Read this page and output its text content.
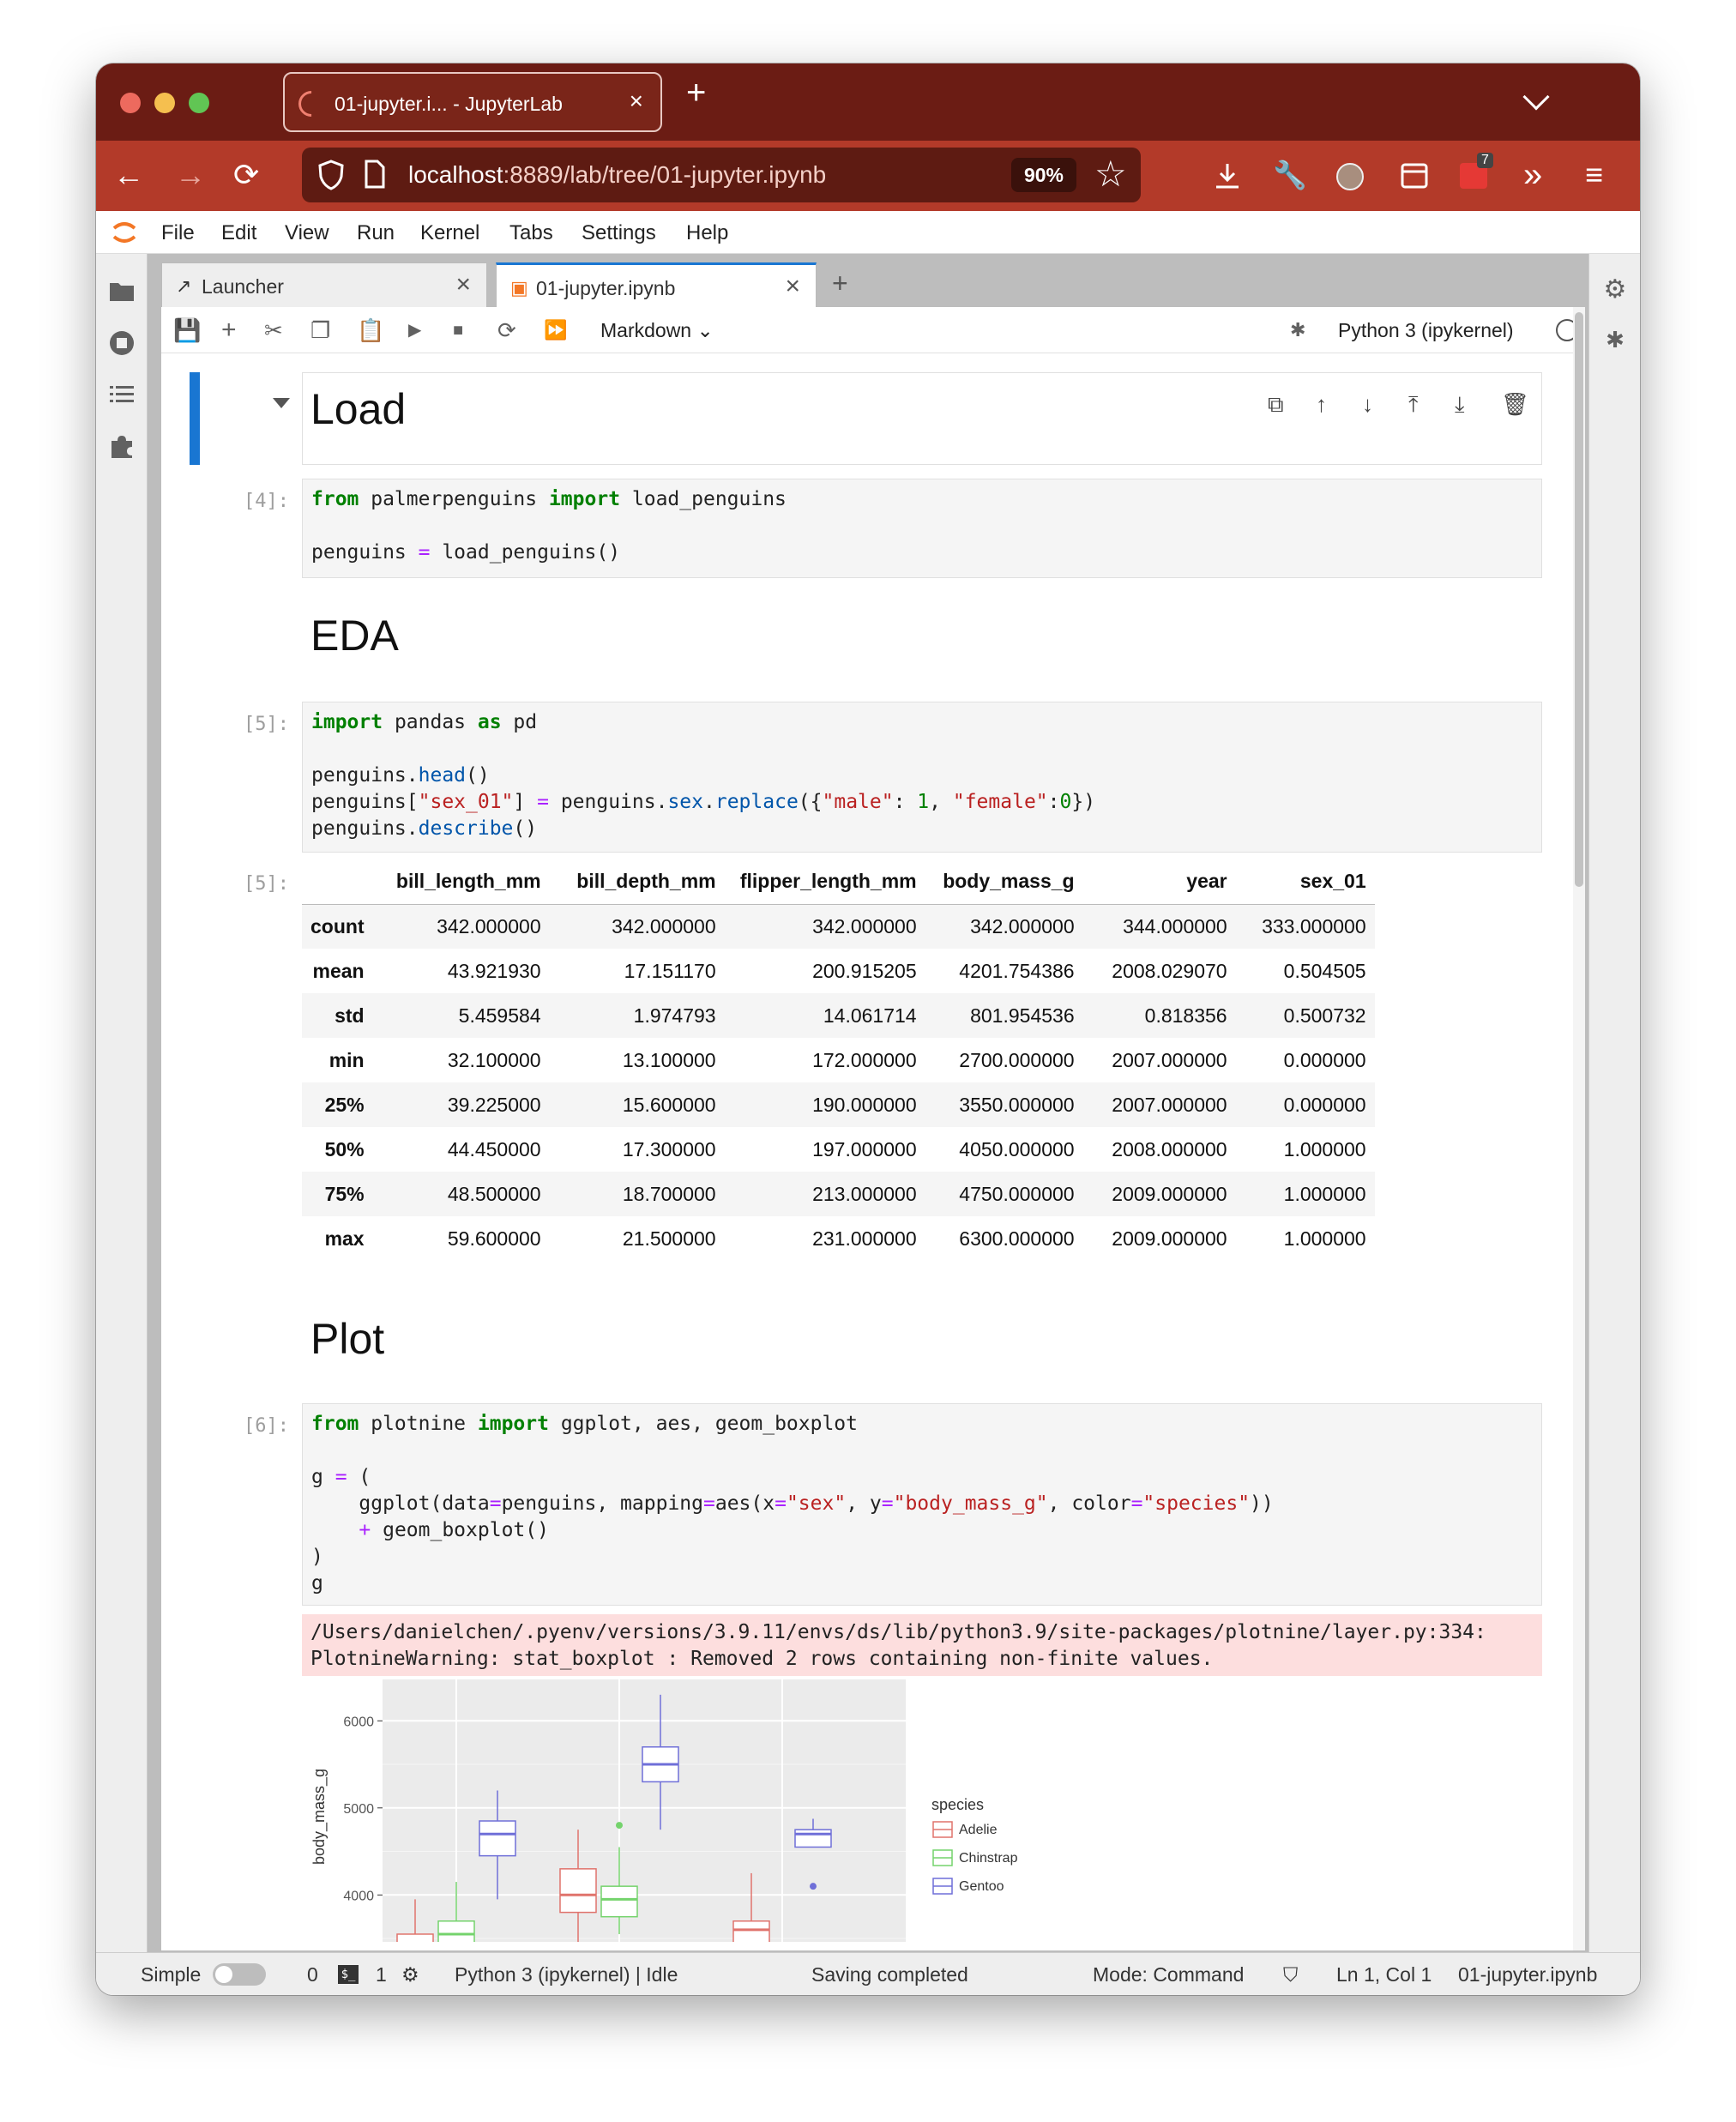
01-jupyter.i... - JupyterLab	× +
← → ⟳	localhost:8889/lab/tree/01-jupyter.ipynb	90% ☆	🔧	7 » ≡
File Edit View Run Kernel Tabs Settings Help
⚙
✱
↗ Launcher	× ▣ 01-jupyter.ipynb	× +
💾 + ✂ ❐ 📋 ▶ ■ ⟳ ⏩ Markdown ⌄	✱ Python 3 (ipykernel)
Load	⧉ ↑ ↓ ⤒ ⤓ 🗑
[4]:	from palmerpenguins import load_penguins

penguins = load_penguins()
EDA
[5]:	import pandas as pd

penguins.head()
penguins["sex_01"] = penguins.sex.replace({"male": 1, "female":0})
penguins.describe()
[5]:
		bill_length_mm	bill_depth_mm	flipper_length_mm	body_mass_g	year	sex_01
count	342.000000	342.000000	342.000000	342.000000	344.000000	333.000000
mean	43.921930	17.151170	200.915205	4201.754386	2008.029070	0.504505
std	5.459584	1.974793	14.061714	801.954536	0.818356	0.500732
min	32.100000	13.100000	172.000000	2700.000000	2007.000000	0.000000
25%	39.225000	15.600000	190.000000	3550.000000	2007.000000	0.000000
50%	44.450000	17.300000	197.000000	4050.000000	2008.000000	1.000000
75%	48.500000	18.700000	213.000000	4750.000000	2009.000000	1.000000
max	59.600000	21.500000	231.000000	6300.000000	2009.000000	1.000000
Plot
[6]:	from plotnine import ggplot, aes, geom_boxplot

g = (
ggplot(data=penguins, mapping=aes(x="sex", y="body_mass_g", color="species"))
+ geom_boxplot()
)
g
/Users/danielchen/.pyenv/versions/3.9.11/envs/ds/lib/python3.9/site-packages/plotnine/layer.py:334:
PlotnineWarning: stat_boxplot : Removed 2 rows containing non-finite values.
4000
5000
6000
body_mass_g	species
Adelie
Chinstrap
Gentoo
Simple	0 $_ 1 ⚙ Python 3 (ipykernel) | Idle	Saving completed	Mode: Command ⛉ Ln 1, Col 1 01-jupyter.ipynb
